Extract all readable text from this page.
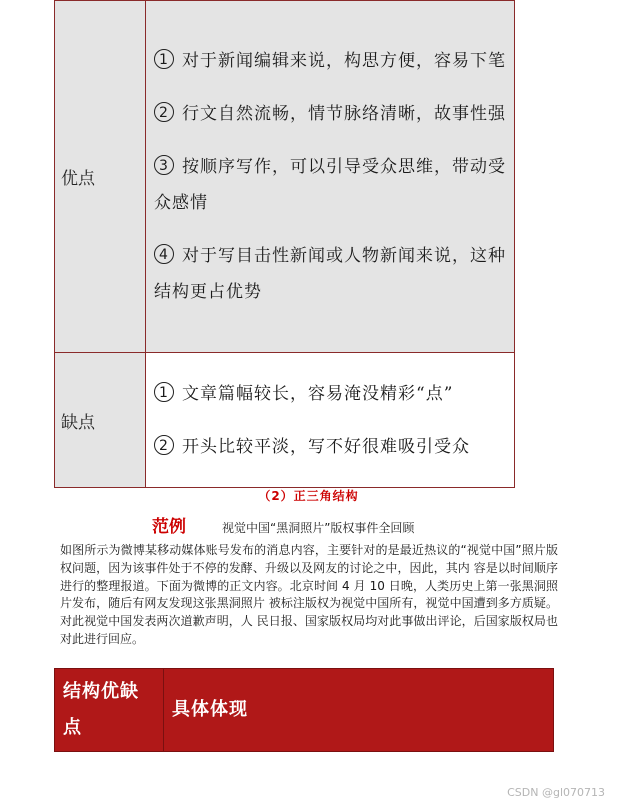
优点	1 对于新闻编辑来说，构思方便，容易下笔
2 行文自然流畅，情节脉络清晰，故事性强
3 按顺序写作，可以引导受众思维，带动受众感情
4 对于写目击性新闻或人物新闻来说，这种结构更占优势

缺点	1 文章篇幅较长，容易淹没精彩“点”
2 开头比较平淡，写不好很难吸引受众
（2）正三角结构
范例	视觉中国“黑洞照片”版权事件全回顾
如图所示为微博某移动媒体账号发布的消息内容，主要针对的是最近热议的“视觉中国”照片版权问题，因为该事件处于不停的发酵、升级以及网友的讨论之中，因此，其内 容是以时间顺序进行的整理报道。下面为微博的正文内容。北京时间 4 月 10 日晚，人类历史上第一张黑洞照片发布，随后有网友发现这张黑洞照片 被标注版权为视觉中国所有，视觉中国遭到多方质疑。对此视觉中国发表两次道歉声明，人 民日报、国家版权局均对此事做出评论，后国家版权局也对此进行回应。
结构优缺点	具体体现
CSDN @gl070713
